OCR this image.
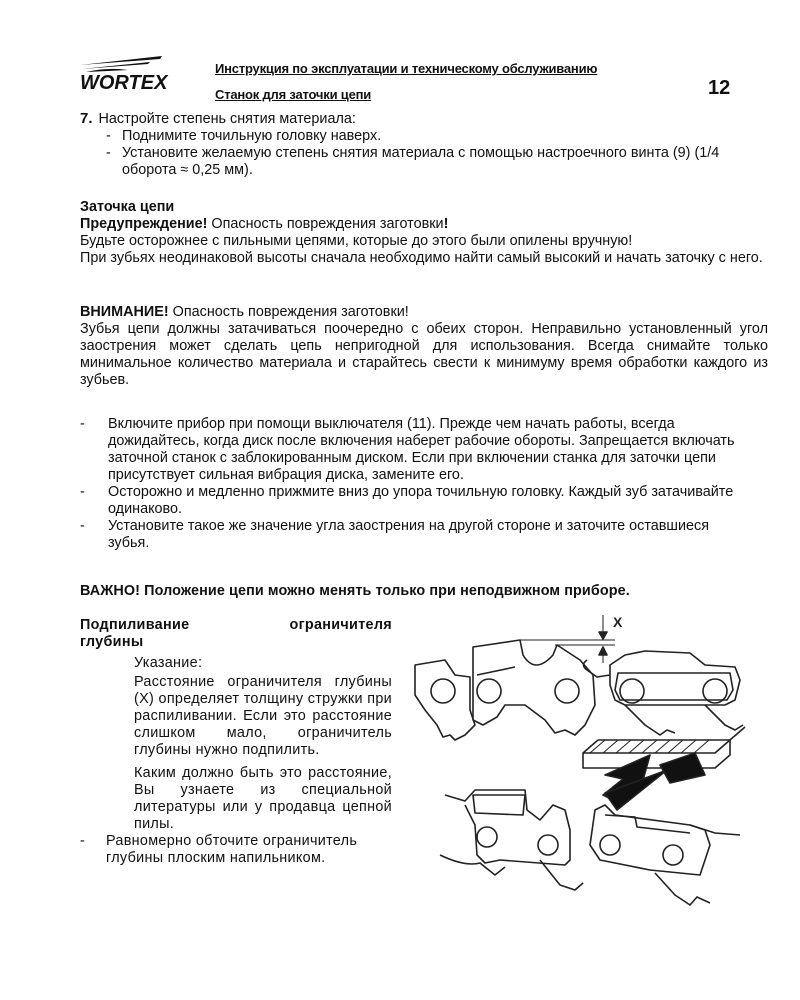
WORTEX
Инструкция по эксплуатации и техническому обслуживанию
Станок для заточки цепи	12
7. Настройте степень снятия материала:
- Поднимите точильную головку наверх.
- Установите желаемую степень снятия материала с помощью настроечного винта (9) (1/4 оборота ≈ 0,25 мм).
Заточка цепи
Предупреждение! Опасность повреждения заготовки!
Будьте осторожнее с пильными цепями, которые до этого были опилены вручную!
При зубьях неодинаковой высоты сначала необходимо найти самый высокий и начать заточку с него.
ВНИМАНИЕ! Опасность повреждения заготовки!
Зубья цепи должны затачиваться поочередно с обеих сторон. Неправильно установленный угол заострения может сделать цепь непригодной для использования. Всегда снимайте только минимальное количество материала и старайтесь свести к минимуму время обработки каждого из зубьев.
- Включите прибор при помощи выключателя (11). Прежде чем начать работы, всегда дожидайтесь, когда диск после включения наберет рабочие обороты. Запрещается включать заточной станок с заблокированным диском. Если при включении станка для заточки цепи присутствует сильная вибрация диска, замените его.
- Осторожно и медленно прижмите вниз до упора точильную головку. Каждый зуб затачивайте одинаково.
- Установите такое же значение угла заострения на другой стороне и заточите оставшиеся зубья.
ВАЖНО! Положение цепи можно менять только при неподвижном приборе.
Подпиливание	ограничителя
глубины
Указание:
Расстояние ограничителя глубины (X) определяет толщину стружки при распиливании. Если это расстояние слишком мало, ограничитель глубины нужно подпилить.
Каким должно быть это расстояние, Вы узнаете из специальной литературы или у продавца цепной пилы.
- Равномерно обточите ограничитель глубины плоским напильником.
X
